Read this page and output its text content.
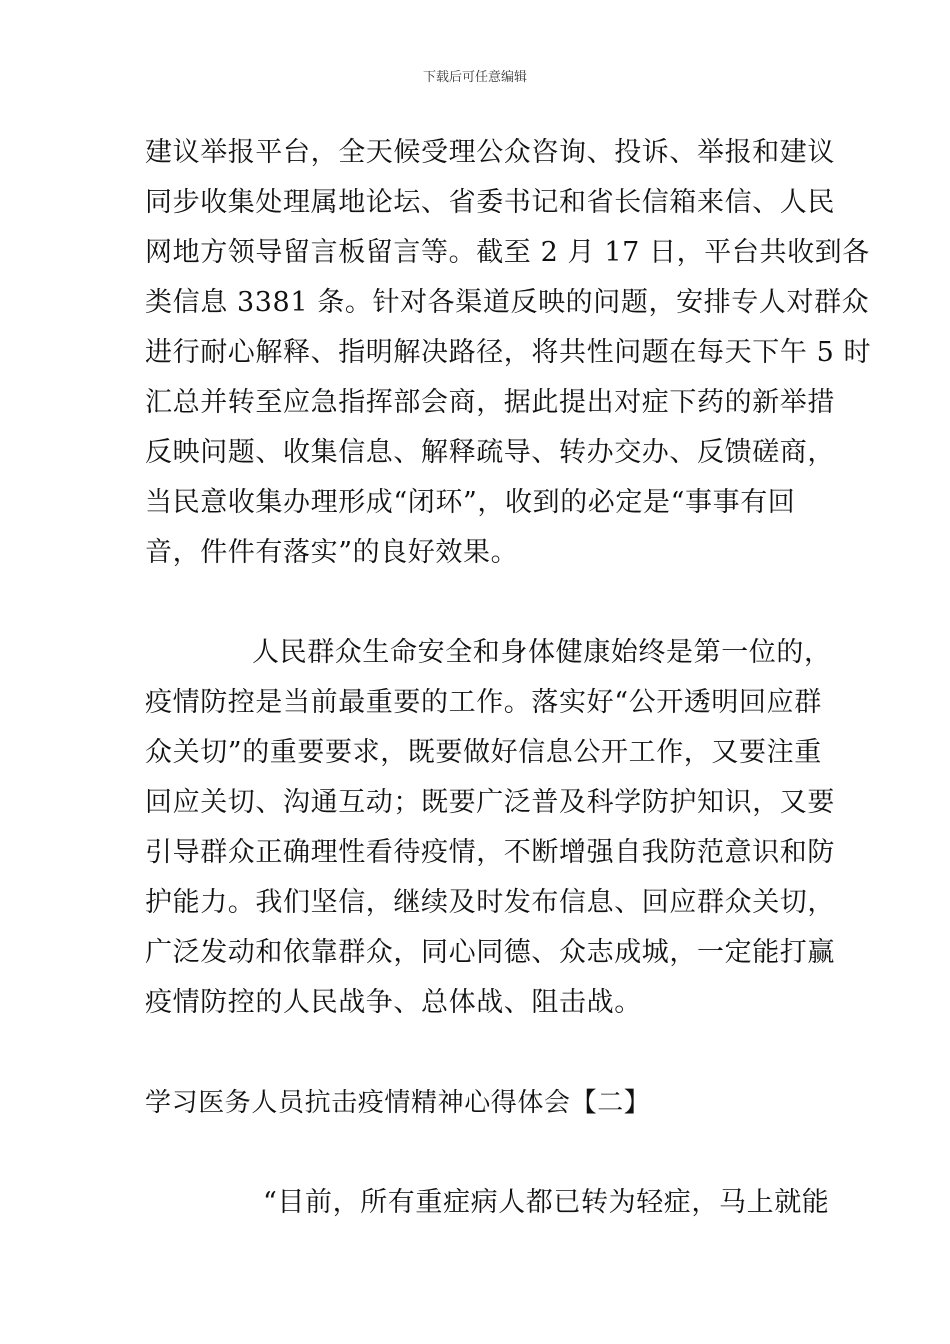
下载后可任意编辑
建议举报平台，全天候受理公众咨询、投诉、举报和建议
同步收集处理属地论坛、省委书记和省长信箱来信、人民
网地方领导留言板留言等。截至 2 月 17 日，平台共收到各
类信息 3381 条。针对各渠道反映的问题，安排专人对群众
进行耐心解释、指明解决路径，将共性问题在每天下午 5 时
汇总并转至应急指挥部会商，据此提出对症下药的新举措
反映问题、收集信息、解释疏导、转办交办、反馈磋商，
当民意收集办理形成“闭环”，收到的必定是“事事有回
音，件件有落实”的良好效果。
人民群众生命安全和身体健康始终是第一位的，
疫情防控是当前最重要的工作。落实好“公开透明回应群
众关切”的重要要求，既要做好信息公开工作，又要注重
回应关切、沟通互动；既要广泛普及科学防护知识，又要
引导群众正确理性看待疫情，不断增强自我防范意识和防
护能力。我们坚信，继续及时发布信息、回应群众关切，
广泛发动和依靠群众，同心同德、众志成城，一定能打赢
疫情防控的人民战争、总体战、阻击战。
学习医务人员抗击疫情精神心得体会【二】
“目前，所有重症病人都已转为轻症，马上就能
